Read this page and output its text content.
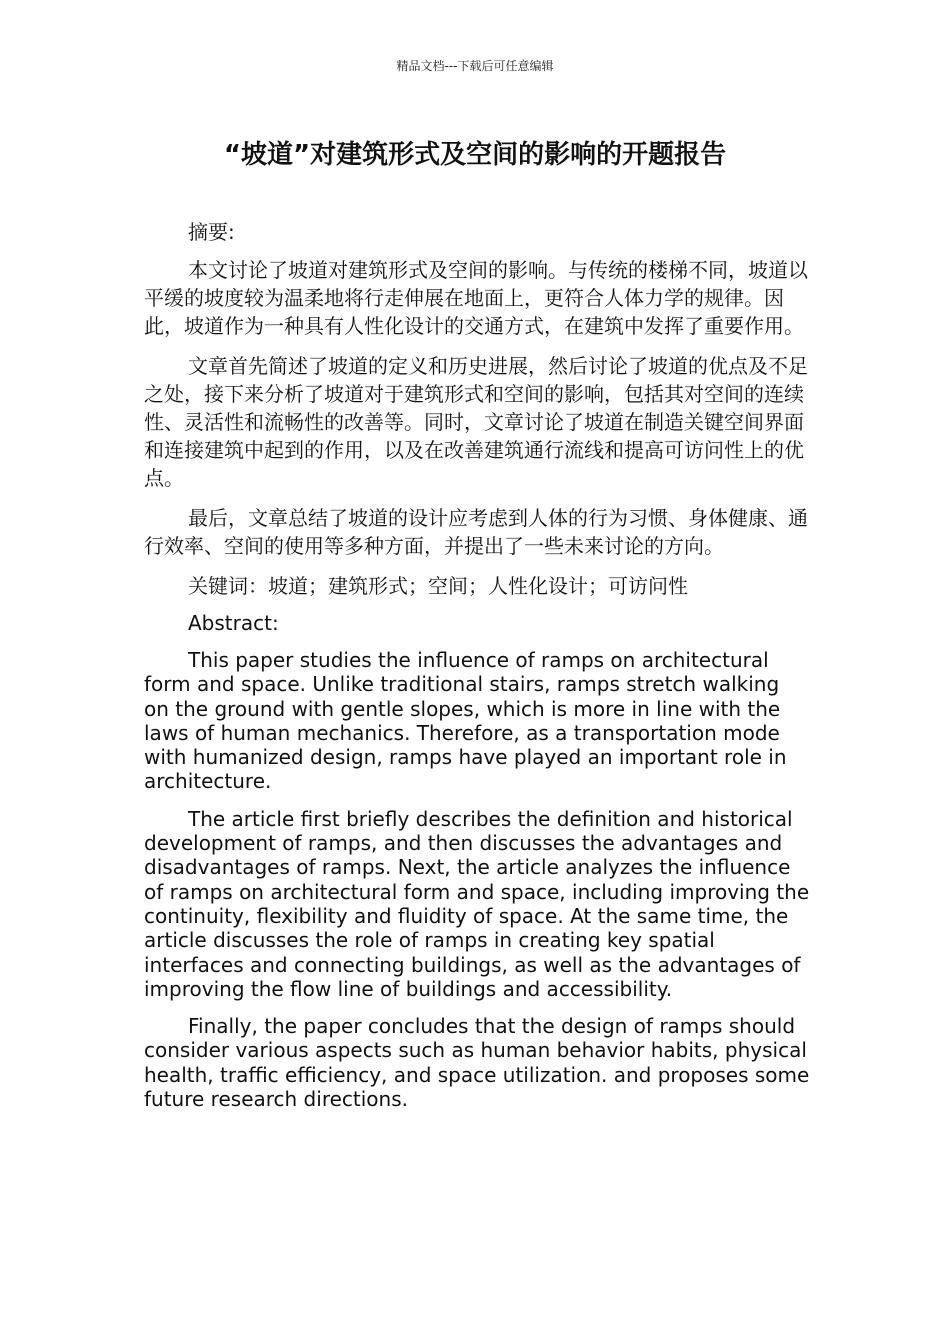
精品文档---下载后可任意编辑
“坡道”对建筑形式及空间的影响的开题报告

摘要:

本文讨论了坡道对建筑形式及空间的影响。与传统的楼梯不同，坡道以平缓的坡度较为温柔地将行走伸展在地面上，更符合人体力学的规律。因此，坡道作为一种具有人性化设计的交通方式，在建筑中发挥了重要作用。

文章首先简述了坡道的定义和历史进展，然后讨论了坡道的优点及不足之处，接下来分析了坡道对于建筑形式和空间的影响，包括其对空间的连续性、灵活性和流畅性的改善等。同时，文章讨论了坡道在制造关键空间界面和连接建筑中起到的作用，以及在改善建筑通行流线和提高可访问性上的优点。

最后，文章总结了坡道的设计应考虑到人体的行为习惯、身体健康、通行效率、空间的使用等多种方面，并提出了一些未来讨论的方向。

关键词：坡道；建筑形式；空间；人性化设计；可访问性

Abstract:

This paper studies the influence of ramps on architectural form and space. Unlike traditional stairs, ramps stretch walking on the ground with gentle slopes, which is more in line with the laws of human mechanics. Therefore, as a transportation mode with humanized design, ramps have played an important role in architecture.

The article first briefly describes the definition and historical development of ramps, and then discusses the advantages and disadvantages of ramps. Next, the article analyzes the influence of ramps on architectural form and space, including improving the continuity, flexibility and fluidity of space. At the same time, the article discusses the role of ramps in creating key spatial interfaces and connecting buildings, as well as the advantages of improving the flow line of buildings and accessibility.

Finally, the paper concludes that the design of ramps should consider various aspects such as human behavior habits, physical health, traffic efficiency, and space utilization. and proposes some future research directions.
